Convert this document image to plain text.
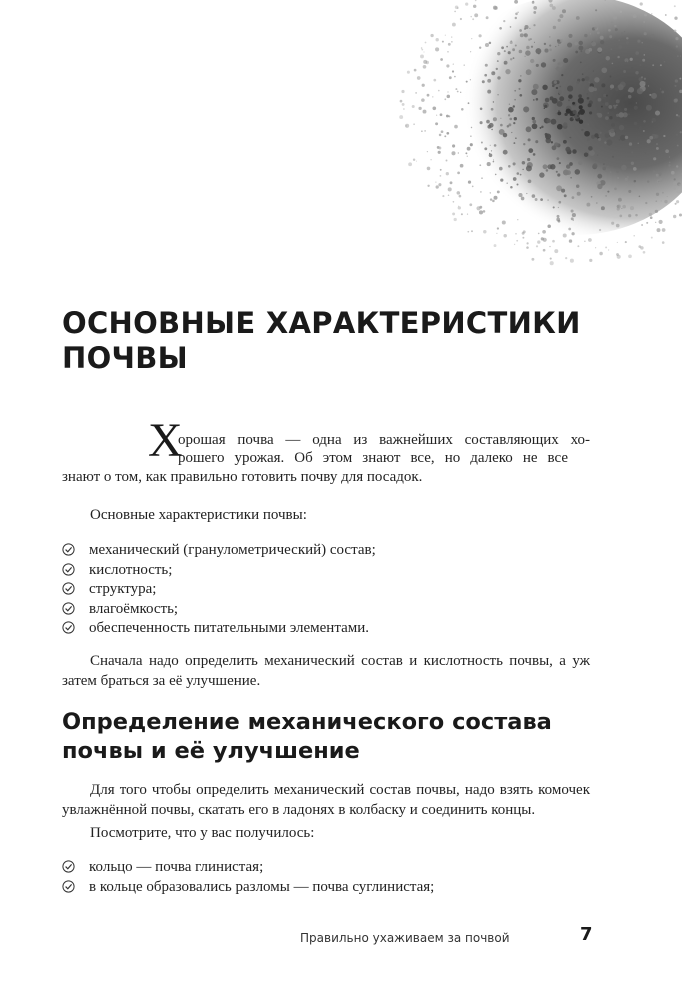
ОСНОВНЫЕ ХАРАКТЕРИСТИКИ
ПОЧВЫ
Х
орошая почва — одна из важнейших составляющих хо-
рошего урожая. Об этом знают все, но далеко не все

знают о том, как правильно готовить почву для посадок.

Основные характеристики почвы:

механический (гранулометрический) состав;
кислотность;
структура;
влагоёмкость;
обеспеченность питательными элементами.

Сначала надо определить механический состав и кислотность почвы, а уж затем браться за её улучшение.

Определение механического состава
почвы и её улучшение

Для того чтобы определить механический состав почвы, надо взять комочек увлажнённой почвы, скатать его в ладонях в колбаску и соединить концы.

Посмотрите, что у вас получилось:

кольцо — почва глинистая;
в кольце образовались разломы — почва суглинистая;
Правильно ухаживаем за почвой	7
